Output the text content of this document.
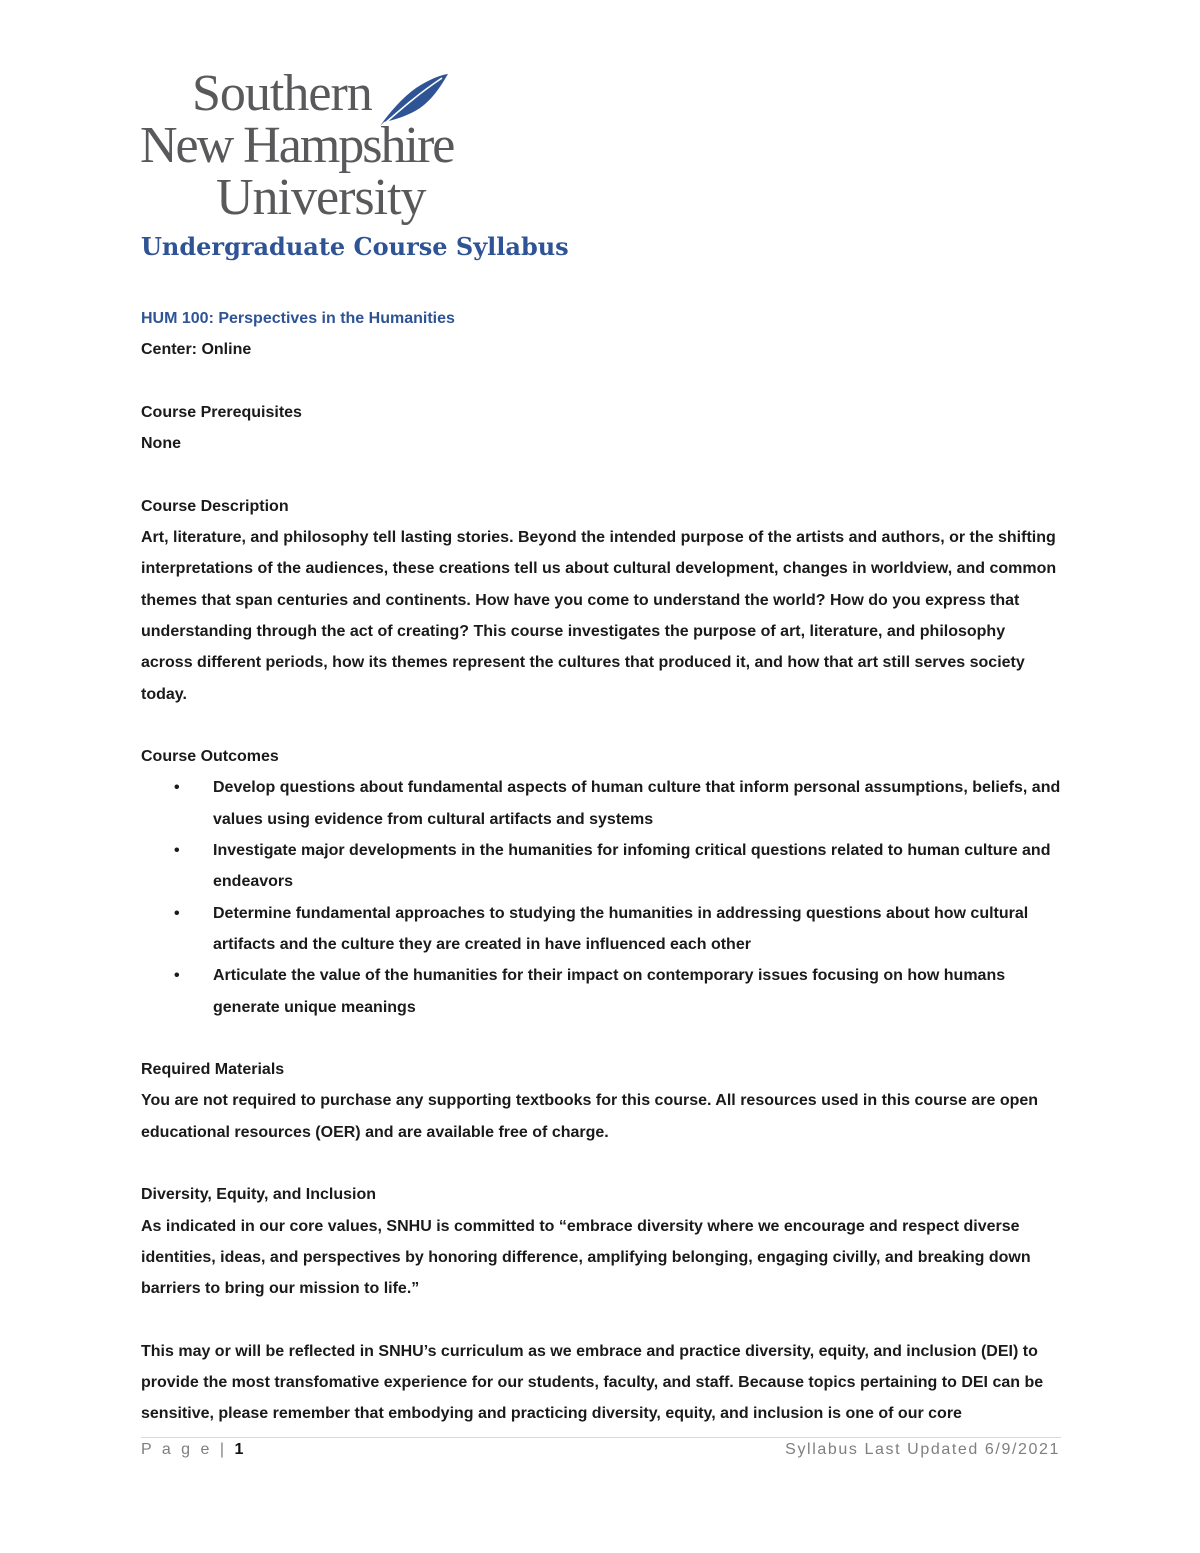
Southern
New Hampshire
University
Undergraduate Course Syllabus

HUM 100: Perspectives in the Humanities

Center: Online

Course Prerequisites

None

Course Description

Art, literature, and philosophy tell lasting stories. Beyond the intended purpose of the artists and authors, or the shifting interpretations of the audiences, these creations tell us about cultural development, changes in worldview, and common themes that span centuries and continents. How have you come to understand the world? How do you express that understanding through the act of creating? This course investigates the purpose of art, literature, and philosophy across different periods, how its themes represent the cultures that produced it, and how that art still serves society today.

Course Outcomes

• Develop questions about fundamental aspects of human culture that inform personal assumptions, beliefs, and values using evidence from cultural artifacts and systems
• Investigate major developments in the humanities for infoming critical questions related to human culture and endeavors
• Determine fundamental approaches to studying the humanities in addressing questions about how cultural artifacts and the culture they are created in have influenced each other
• Articulate the value of the humanities for their impact on contemporary issues focusing on how humans generate unique meanings

Required Materials

You are not required to purchase any supporting textbooks for this course. All resources used in this course are open educational resources (OER) and are available free of charge.

Diversity, Equity, and Inclusion

As indicated in our core values, SNHU is committed to “embrace diversity where we encourage and respect diverse identities, ideas, and perspectives by honoring difference, amplifying belonging, engaging civilly, and breaking down barriers to bring our mission to life.”

This may or will be reflected in SNHU’s curriculum as we embrace and practice diversity, equity, and inclusion (DEI) to provide the most transfomative experience for our students, faculty, and staff. Because topics pertaining to DEI can be sensitive, please remember that embodying and practicing diversity, equity, and inclusion is one of our core

P a g e | 1	Syllabus Last Updated 6/9/2021
